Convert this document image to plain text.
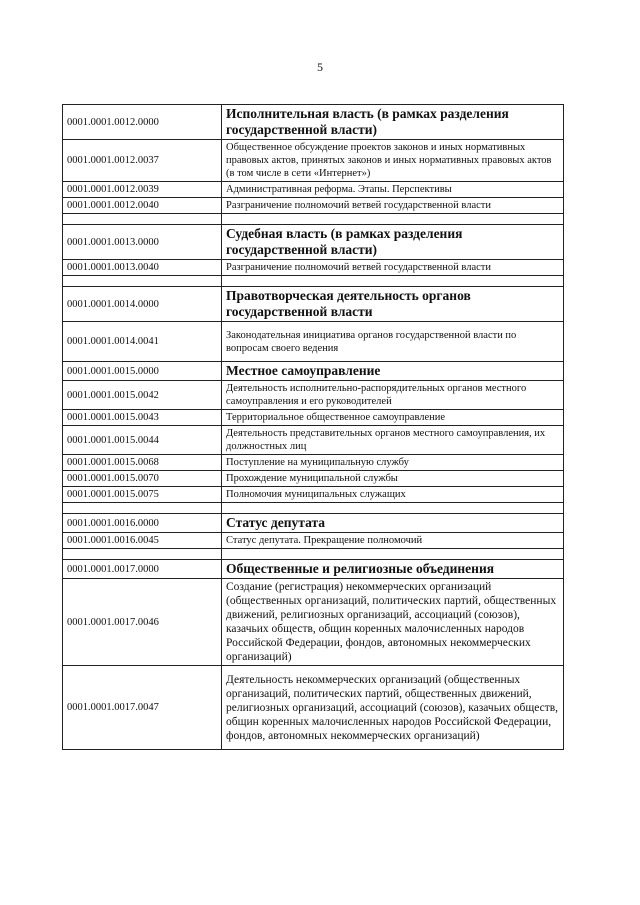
5
0001.0001.0012.0000	Исполнительная власть (в рамках разделения государственной власти)
0001.0001.0012.0037	Общественное обсуждение проектов законов и иных нормативных правовых актов, принятых законов и иных нормативных правовых актов (в том числе в сети «Интернет»)
0001.0001.0012.0039	Административная реформа. Этапы. Перспективы
0001.0001.0012.0040	Разграничение полномочий ветвей государственной власти

0001.0001.0013.0000	Судебная власть (в рамках разделения государственной власти)
0001.0001.0013.0040	Разграничение полномочий ветвей государственной власти

0001.0001.0014.0000	Правотворческая деятельность органов государственной власти
0001.0001.0014.0041	Законодательная инициатива органов государственной власти по вопросам своего ведения
0001.0001.0015.0000	Местное самоуправление
0001.0001.0015.0042	Деятельность исполнительно-распорядительных органов местного самоуправления и его руководителей
0001.0001.0015.0043	Территориальное общественное самоуправление
0001.0001.0015.0044	Деятельность представительных органов местного самоуправления, их должностных лиц
0001.0001.0015.0068	Поступление на муниципальную службу
0001.0001.0015.0070	Прохождение муниципальной службы
0001.0001.0015.0075	Полномочия муниципальных служащих

0001.0001.0016.0000	Статус депутата
0001.0001.0016.0045	Статус депутата. Прекращение полномочий

0001.0001.0017.0000	Общественные и религиозные объединения
0001.0001.0017.0046	Создание (регистрация) некоммерческих организаций (общественных организаций, политических партий, общественных движений, религиозных организаций, ассоциаций (союзов), казачьих обществ, общин коренных малочисленных народов Российской Федерации, фондов, автономных некоммерческих организаций)
0001.0001.0017.0047	Деятельность некоммерческих организаций (общественных организаций, политических партий, общественных движений, религиозных организаций, ассоциаций (союзов), казачьих обществ, общин коренных малочисленных народов Российской Федерации, фондов, автономных некоммерческих организаций)
